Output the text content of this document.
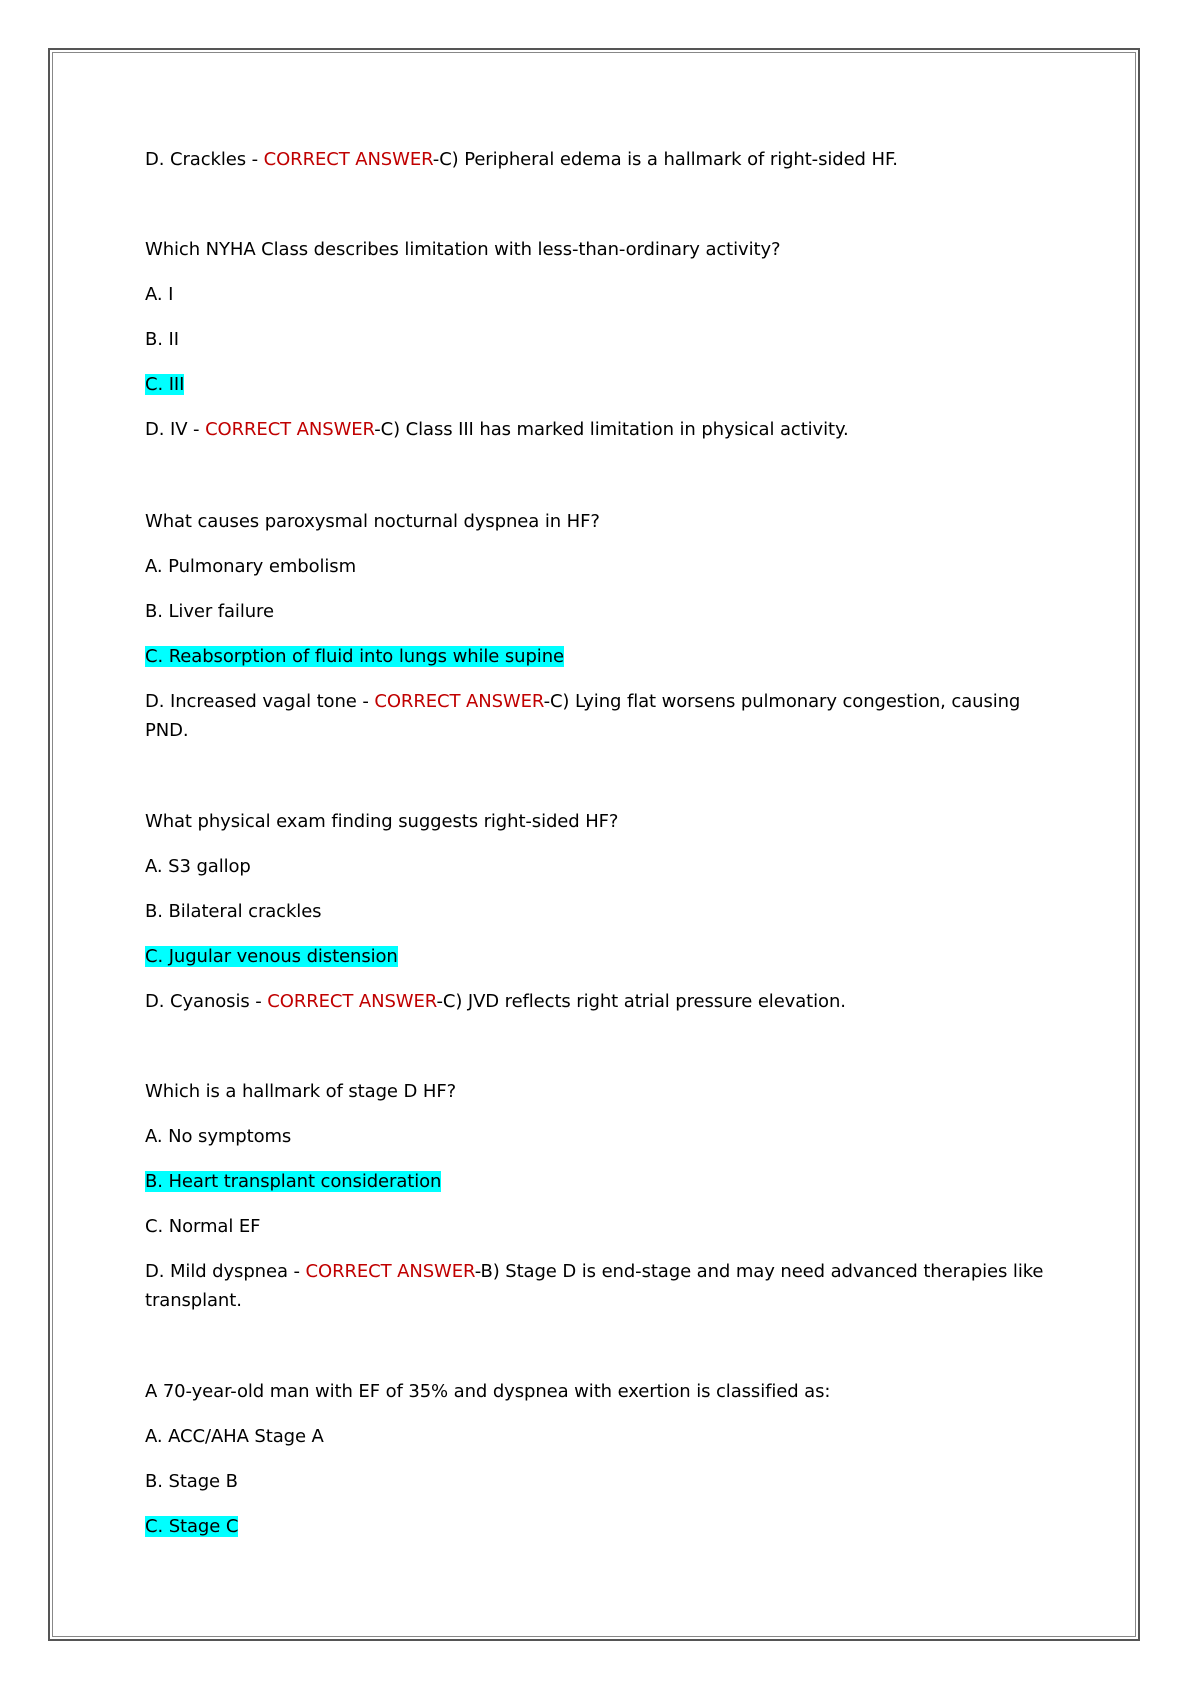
D. Crackles - CORRECT ANSWER-C) Peripheral edema is a hallmark of right-sided HF.
Which NYHA Class describes limitation with less-than-ordinary activity?
A. I
B. II
C. III
D. IV - CORRECT ANSWER-C) Class III has marked limitation in physical activity.
What causes paroxysmal nocturnal dyspnea in HF?
A. Pulmonary embolism
B. Liver failure
C. Reabsorption of fluid into lungs while supine
D. Increased vagal tone - CORRECT ANSWER-C) Lying flat worsens pulmonary congestion, causing PND.
What physical exam finding suggests right-sided HF?
A. S3 gallop
B. Bilateral crackles
C. Jugular venous distension
D. Cyanosis - CORRECT ANSWER-C) JVD reflects right atrial pressure elevation.
Which is a hallmark of stage D HF?
A. No symptoms
B. Heart transplant consideration
C. Normal EF
D. Mild dyspnea - CORRECT ANSWER-B) Stage D is end-stage and may need advanced therapies like transplant.
A 70-year-old man with EF of 35% and dyspnea with exertion is classified as:
A. ACC/AHA Stage A
B. Stage B
C. Stage C
